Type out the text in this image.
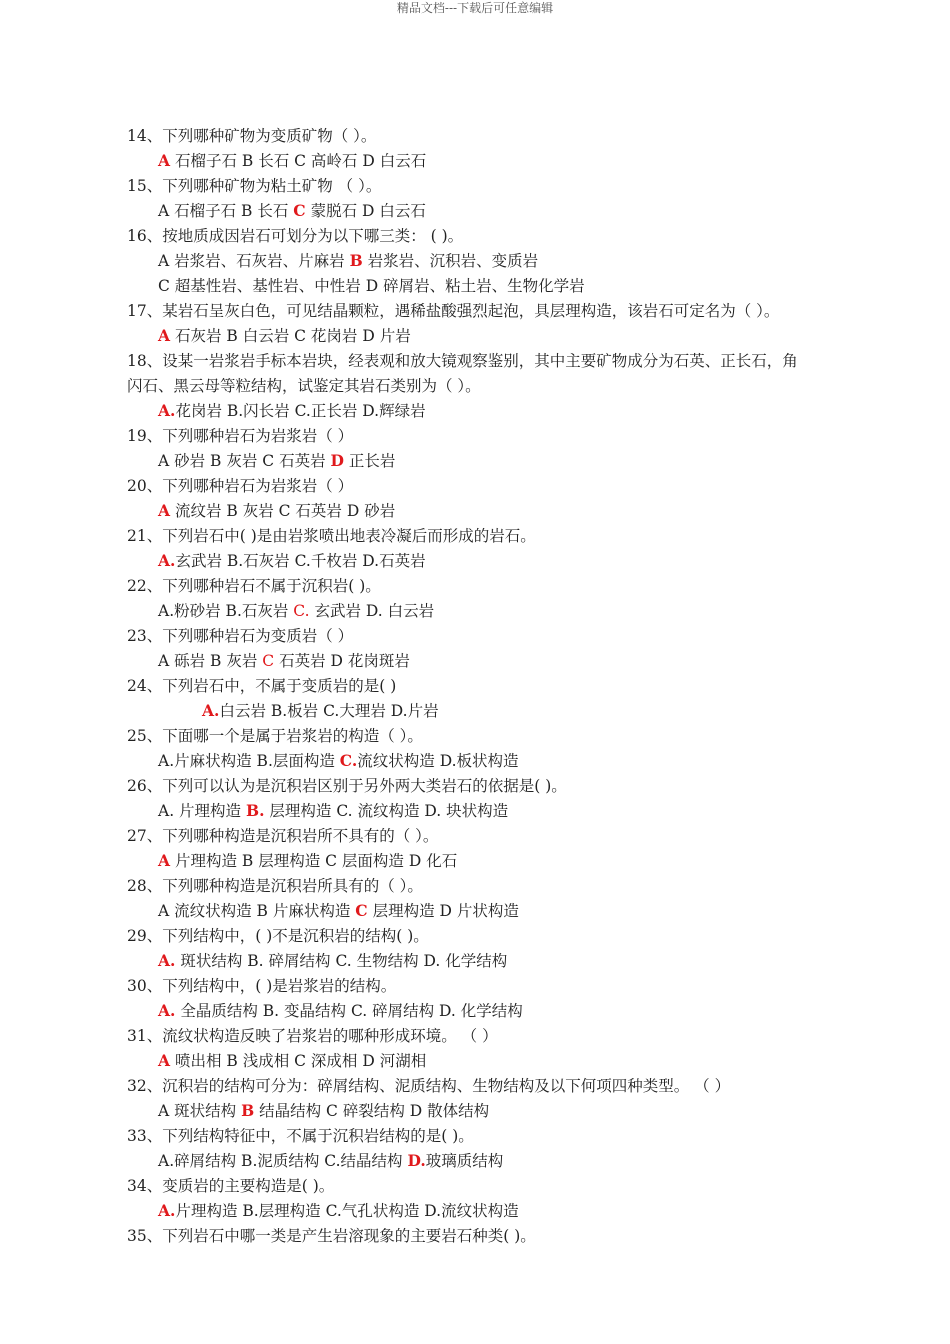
精品文档---下载后可任意编辑
14、下列哪种矿物为变质矿物（ ）。
A 石榴子石 B 长石 C 高岭石 D 白云石
15、下列哪种矿物为粘土矿物 （ ）。
A 石榴子石 B 长石 C 蒙脱石 D 白云石
16、按地质成因岩石可划分为以下哪三类： ( )。
A 岩浆岩、石灰岩、片麻岩 B 岩浆岩、沉积岩、变质岩
C 超基性岩、基性岩、中性岩 D 碎屑岩、粘土岩、生物化学岩
17、某岩石呈灰白色，可见结晶颗粒，遇稀盐酸强烈起泡，具层理构造，该岩石可定名为（ ）。
A 石灰岩 B 白云岩 C 花岗岩 D 片岩
18、设某一岩浆岩手标本岩块，经表观和放大镜观察鉴别，其中主要矿物成分为石英、正长石，角
闪石、黑云母等粒结构，试鉴定其岩石类别为（ ）。
A.花岗岩 B.闪长岩 C.正长岩 D.辉绿岩
19、下列哪种岩石为岩浆岩（ ）
A 砂岩 B 灰岩 C 石英岩 D 正长岩
20、下列哪种岩石为岩浆岩（ ）
A 流纹岩 B 灰岩 C 石英岩 D 砂岩
21、下列岩石中( )是由岩浆喷出地表冷凝后而形成的岩石。
A.玄武岩 B.石灰岩 C.千枚岩 D.石英岩
22、下列哪种岩石不属于沉积岩( )。
A.粉砂岩 B.石灰岩 C. 玄武岩 D. 白云岩
23、下列哪种岩石为变质岩（ ）
A 砾岩 B 灰岩 C 石英岩 D 花岗斑岩
24、下列岩石中，不属于变质岩的是( )
A.白云岩 B.板岩 C.大理岩 D.片岩
25、下面哪一个是属于岩浆岩的构造（ ）。
A.片麻状构造 B.层面构造 C.流纹状构造 D.板状构造
26、下列可以认为是沉积岩区别于另外两大类岩石的依据是( )。
A. 片理构造 B. 层理构造 C. 流纹构造 D. 块状构造
27、下列哪种构造是沉积岩所不具有的（ ）。
A 片理构造 B 层理构造 C 层面构造 D 化石
28、下列哪种构造是沉积岩所具有的（ ）。
A 流纹状构造 B 片麻状构造 C 层理构造 D 片状构造
29、下列结构中，( )不是沉积岩的结构( )。
A. 斑状结构 B. 碎屑结构 C. 生物结构 D. 化学结构
30、下列结构中，( )是岩浆岩的结构。
A. 全晶质结构 B. 变晶结构 C. 碎屑结构 D. 化学结构
31、流纹状构造反映了岩浆岩的哪种形成环境。 （ ）
A 喷出相 B 浅成相 C 深成相 D 河湖相
32、沉积岩的结构可分为：碎屑结构、泥质结构、生物结构及以下何项四种类型。 （ ）
A 斑状结构 B 结晶结构 C 碎裂结构 D 散体结构
33、下列结构特征中，不属于沉积岩结构的是( )。
A.碎屑结构 B.泥质结构 C.结晶结构 D.玻璃质结构
34、变质岩的主要构造是( )。
A.片理构造 B.层理构造 C.气孔状构造 D.流纹状构造
35、下列岩石中哪一类是产生岩溶现象的主要岩石种类( )。
